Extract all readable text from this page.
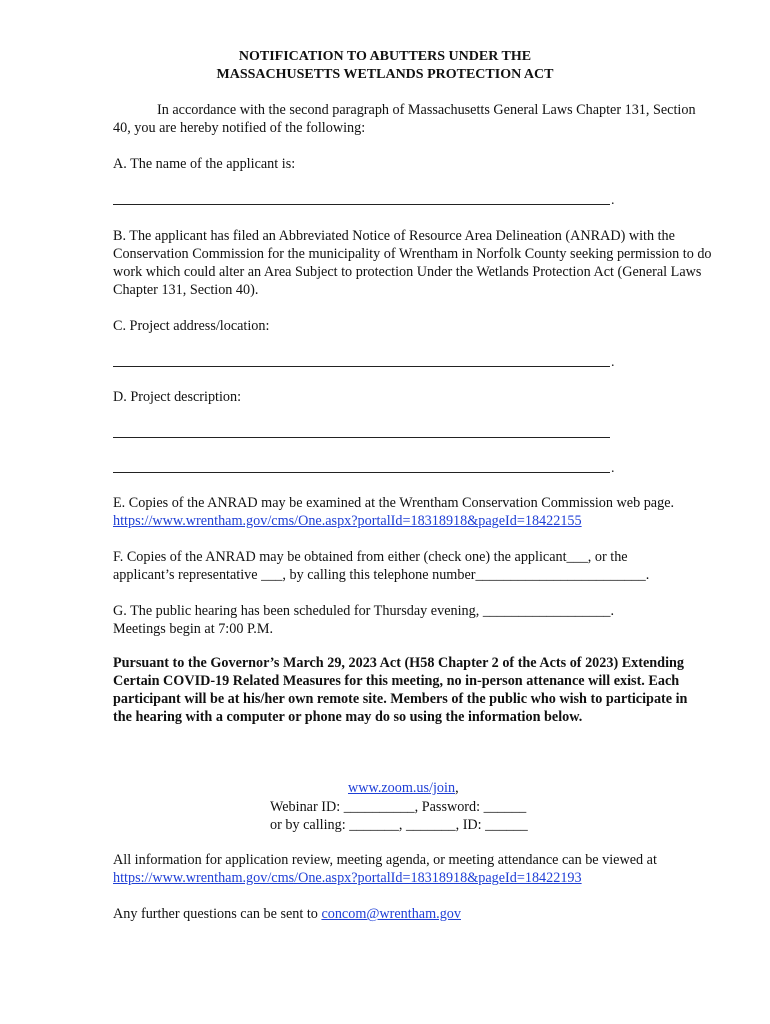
NOTIFICATION TO ABUTTERS UNDER THE
MASSACHUSETTS WETLANDS PROTECTION ACT

In accordance with the second paragraph of Massachusetts General Laws Chapter 131, Section 40, you are hereby notified of the following:

A. The name of the applicant is:

.

B. The applicant has filed an Abbreviated Notice of Resource Area Delineation (ANRAD) with the Conservation Commission for the municipality of Wrentham in Norfolk County seeking permission to do work which could alter an Area Subject to protection Under the Wetlands Protection Act (General Laws Chapter 131, Section 40).

C. Project address/location:

.

D. Project description:

.

E. Copies of the ANRAD may be examined at the Wrentham Conservation Commission web page. https://www.wrentham.gov/cms/One.aspx?portalId=18318918&pageId=18422155

F. Copies of the ANRAD may be obtained from either (check one) the applicant___, or the
applicant’s representative ___, by calling this telephone number________________________.

G. The public hearing has been scheduled for Thursday evening, __________________.
Meetings begin at 7:00 P.M.

Pursuant to the Governor’s March 29, 2023 Act (H58 Chapter 2 of the Acts of 2023) Extending Certain COVID-19 Related Measures for this meeting, no in-person attenance will exist. Each participant will be at his/her own remote site. Members of the public who wish to participate in the hearing with a computer or phone may do so using the information below.

www.zoom.us/join,
Webinar ID: __________, Password: ______
or by calling: _______, _______, ID: ______

All information for application review, meeting agenda, or meeting attendance can be viewed at
https://www.wrentham.gov/cms/One.aspx?portalId=18318918&pageId=18422193

Any further questions can be sent to concom@wrentham.gov
